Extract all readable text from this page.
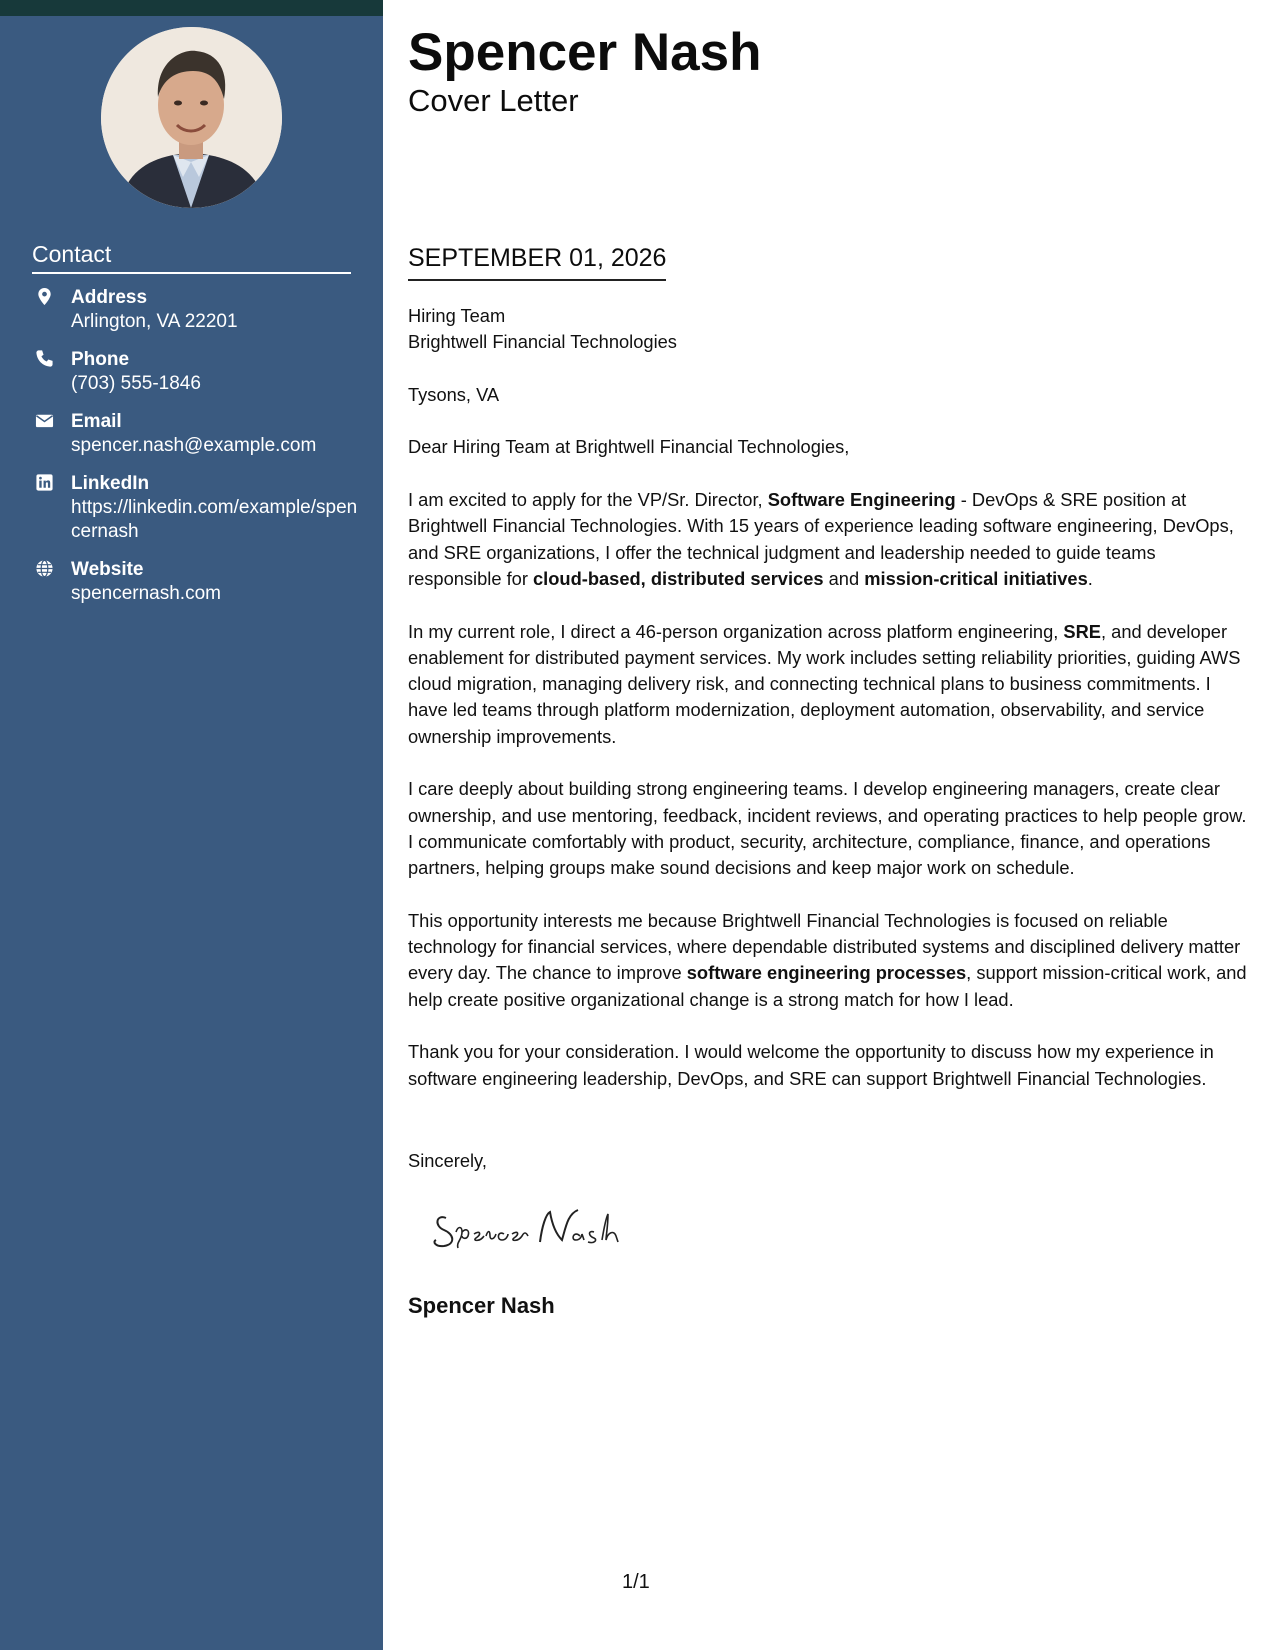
Contact
Address
Arlington, VA 22201
Phone
(703) 555-1846
Email
spencer.nash@example.com
LinkedIn
https://linkedin.com/example/spencernash
Website
spencernash.com
Spencer Nash
Cover Letter
SEPTEMBER 01, 2026

Hiring Team

Brightwell Financial Technologies

Tysons, VA

Dear Hiring Team at Brightwell Financial Technologies,

I am excited to apply for the VP/Sr. Director, Software Engineering - DevOps & SRE position at Brightwell Financial Technologies. With 15 years of experience leading software engineering, DevOps, and SRE organizations, I offer the technical judgment and leadership needed to guide teams responsible for cloud-based, distributed services and mission-critical initiatives.

In my current role, I direct a 46-person organization across platform engineering, SRE, and developer enablement for distributed payment services. My work includes setting reliability priorities, guiding AWS cloud migration, managing delivery risk, and connecting technical plans to business commitments. I have led teams through platform modernization, deployment automation, observability, and service ownership improvements.

I care deeply about building strong engineering teams. I develop engineering managers, create clear ownership, and use mentoring, feedback, incident reviews, and operating practices to help people grow. I communicate comfortably with product, security, architecture, compliance, finance, and operations partners, helping groups make sound decisions and keep major work on schedule.

This opportunity interests me because Brightwell Financial Technologies is focused on reliable technology for financial services, where dependable distributed systems and disciplined delivery matter every day. The chance to improve software engineering processes, support mission-critical work, and help create positive organizational change is a strong match for how I lead.

Thank you for your consideration. I would welcome the opportunity to discuss how my experience in software engineering leadership, DevOps, and SRE can support Brightwell Financial Technologies.

Sincerely,
Spencer Nash
1/1
